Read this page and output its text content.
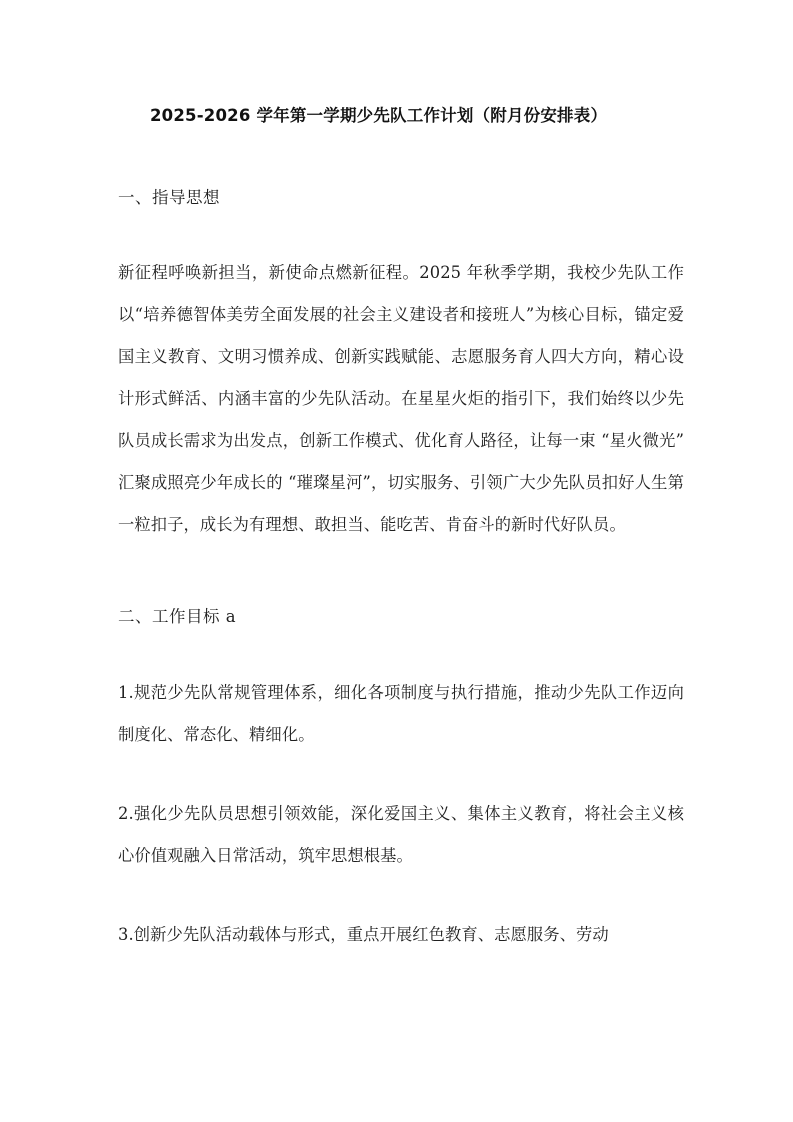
2025-2026 学年第一学期少先队工作计划（附月份安排表）
一、指导思想

新征程呼唤新担当，新使命点燃新征程。2025 年秋季学期，我校少先队工作以“培养德智体美劳全面发展的社会主义建设者和接班人”为核心目标，锚定爱国主义教育、文明习惯养成、创新实践赋能、志愿服务育人四大方向，精心设计形式鲜活、内涵丰富的少先队活动。在星星火炬的指引下，我们始终以少先队员成长需求为出发点，创新工作模式、优化育人路径，让每一束 “星火微光” 汇聚成照亮少年成长的 “璀璨星河”，切实服务、引领广大少先队员扣好人生第一粒扣子，成长为有理想、敢担当、能吃苦、肯奋斗的新时代好队员。

二、工作目标 a

1.规范少先队常规管理体系，细化各项制度与执行措施，推动少先队工作迈向制度化、常态化、精细化。

2.强化少先队员思想引领效能，深化爱国主义、集体主义教育，将社会主义核心价值观融入日常活动，筑牢思想根基。

3.创新少先队活动载体与形式，重点开展红色教育、志愿服务、劳动
